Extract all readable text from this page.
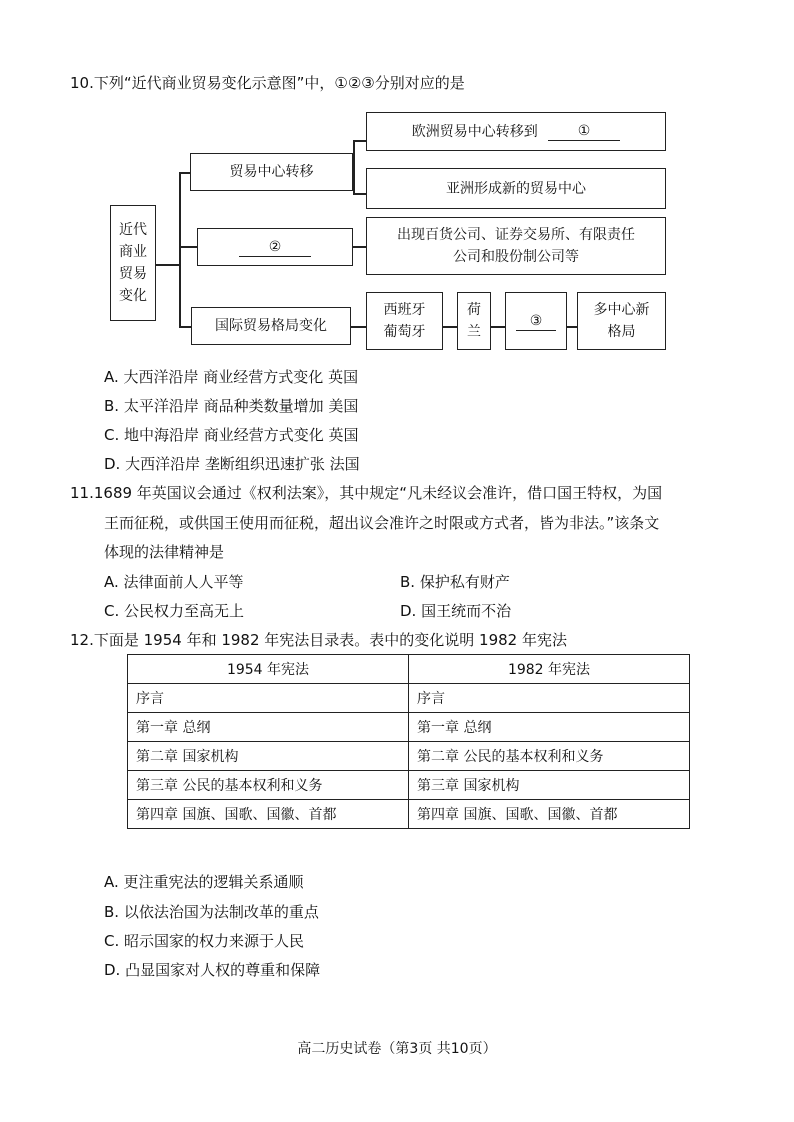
10.下列“近代商业贸易变化示意图”中，①②③分别对应的是
近代商业贸易变化
贸易中心转移
欧洲贸易中心转移到	①
亚洲形成新的贸易中心
②
出现百货公司、证券交易所、有限责任公司和股份制公司等
国际贸易格局变化
西班牙葡萄牙
荷兰
③
多中心新格局
A. 大西洋沿岸 商业经营方式变化 英国
B. 太平洋沿岸 商品种类数量增加 美国
C. 地中海沿岸 商业经营方式变化 英国
D. 大西洋沿岸 垄断组织迅速扩张 法国
11.1689 年英国议会通过《权利法案》，其中规定“凡未经议会准许，借口国王特权，为国
王而征税，或供国王使用而征税，超出议会准许之时限或方式者，皆为非法。”该条文
体现的法律精神是
A. 法律面前人人平等	B. 保护私有财产
C. 公民权力至高无上	D. 国王统而不治
12.下面是 1954 年和 1982 年宪法目录表。表中的变化说明 1982 年宪法
1954 年宪法	1982 年宪法
序言	序言
第一章 总纲	第一章 总纲
第二章 国家机构	第二章 公民的基本权利和义务
第三章 公民的基本权利和义务	第三章 国家机构
第四章 国旗、国歌、国徽、首都	第四章 国旗、国歌、国徽、首都
A. 更注重宪法的逻辑关系通顺
B. 以依法治国为法制改革的重点
C. 昭示国家的权力来源于人民
D. 凸显国家对人权的尊重和保障
高二历史试卷（第3页 共10页）
